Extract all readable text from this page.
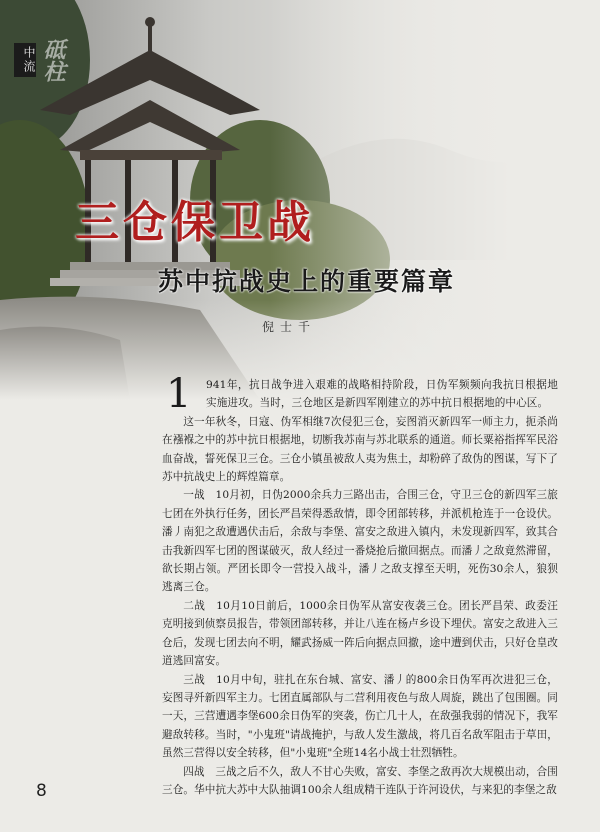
中流 砥柱
三仓保卫战
苏中抗战史上的重要篇章
倪士千

1 941年，抗日战争进入艰难的战略相持阶段，日伪军频频向我抗日根据地实施进攻。当时，三仓地区是新四军刚建立的苏中抗日根据地的中心区。

这一年秋冬，日寇、伪军相继7次侵犯三仓，妄图消灭新四军一师主力，扼杀尚在襁褓之中的苏中抗日根据地，切断我苏南与苏北联系的通道。师长粟裕指挥军民浴血奋战，誓死保卫三仓。三仓小镇虽被敌人夷为焦土，却粉碎了敌伪的图谋，写下了苏中抗战史上的辉煌篇章。

一战　10月初，日伪2000余兵力三路出击，合围三仓，守卫三仓的新四军三旅七团在外执行任务，团长严昌荣得悉敌情，即令团部转移，并派机枪连于一仓设伏。潘丿南犯之敌遭遇伏击后，余敌与李堡、富安之敌进入镇内，未发现新四军，致其合击我新四军七团的图谋破灭，敌人经过一番烧抢后撤回据点。而潘丿之敌竟然滞留，欲长期占领。严团长即令一营投入战斗，潘丿之敌支撑至天明，死伤30余人，狼狈逃离三仓。

二战　10月10日前后，1000余日伪军从富安夜袭三仓。团长严昌荣、政委汪克明接到侦察员报告，带领团部转移，并让八连在杨卢乡设下埋伏。富安之敌进入三仓后，发现七团去向不明，耀武扬威一阵后向据点回撤，途中遭到伏击，只好仓皇改道逃回富安。

三战　10月中旬，驻扎在东台城、富安、潘丿的800余日伪军再次进犯三仓，妄图寻歼新四军主力。七团直属部队与二营利用夜色与敌人周旋，跳出了包围圈。同一天，三营遭遇李堡600余日伪军的突袭，伤亡几十人，在敌强我弱的情况下，我军避敌转移。当时，"小鬼班"请战掩护，与敌人发生激战，将几百名敌军阻击于草田，虽然三营得以安全转移，但"小鬼班"全班14名小战士壮烈牺牲。

四战　三战之后不久，敌人不甘心失败，富安、李堡之敌再次大规模出动，合围三仓。华中抗大苏中大队抽调100余人组成精干连队于许河设伏，与来犯的李堡之敌

8
